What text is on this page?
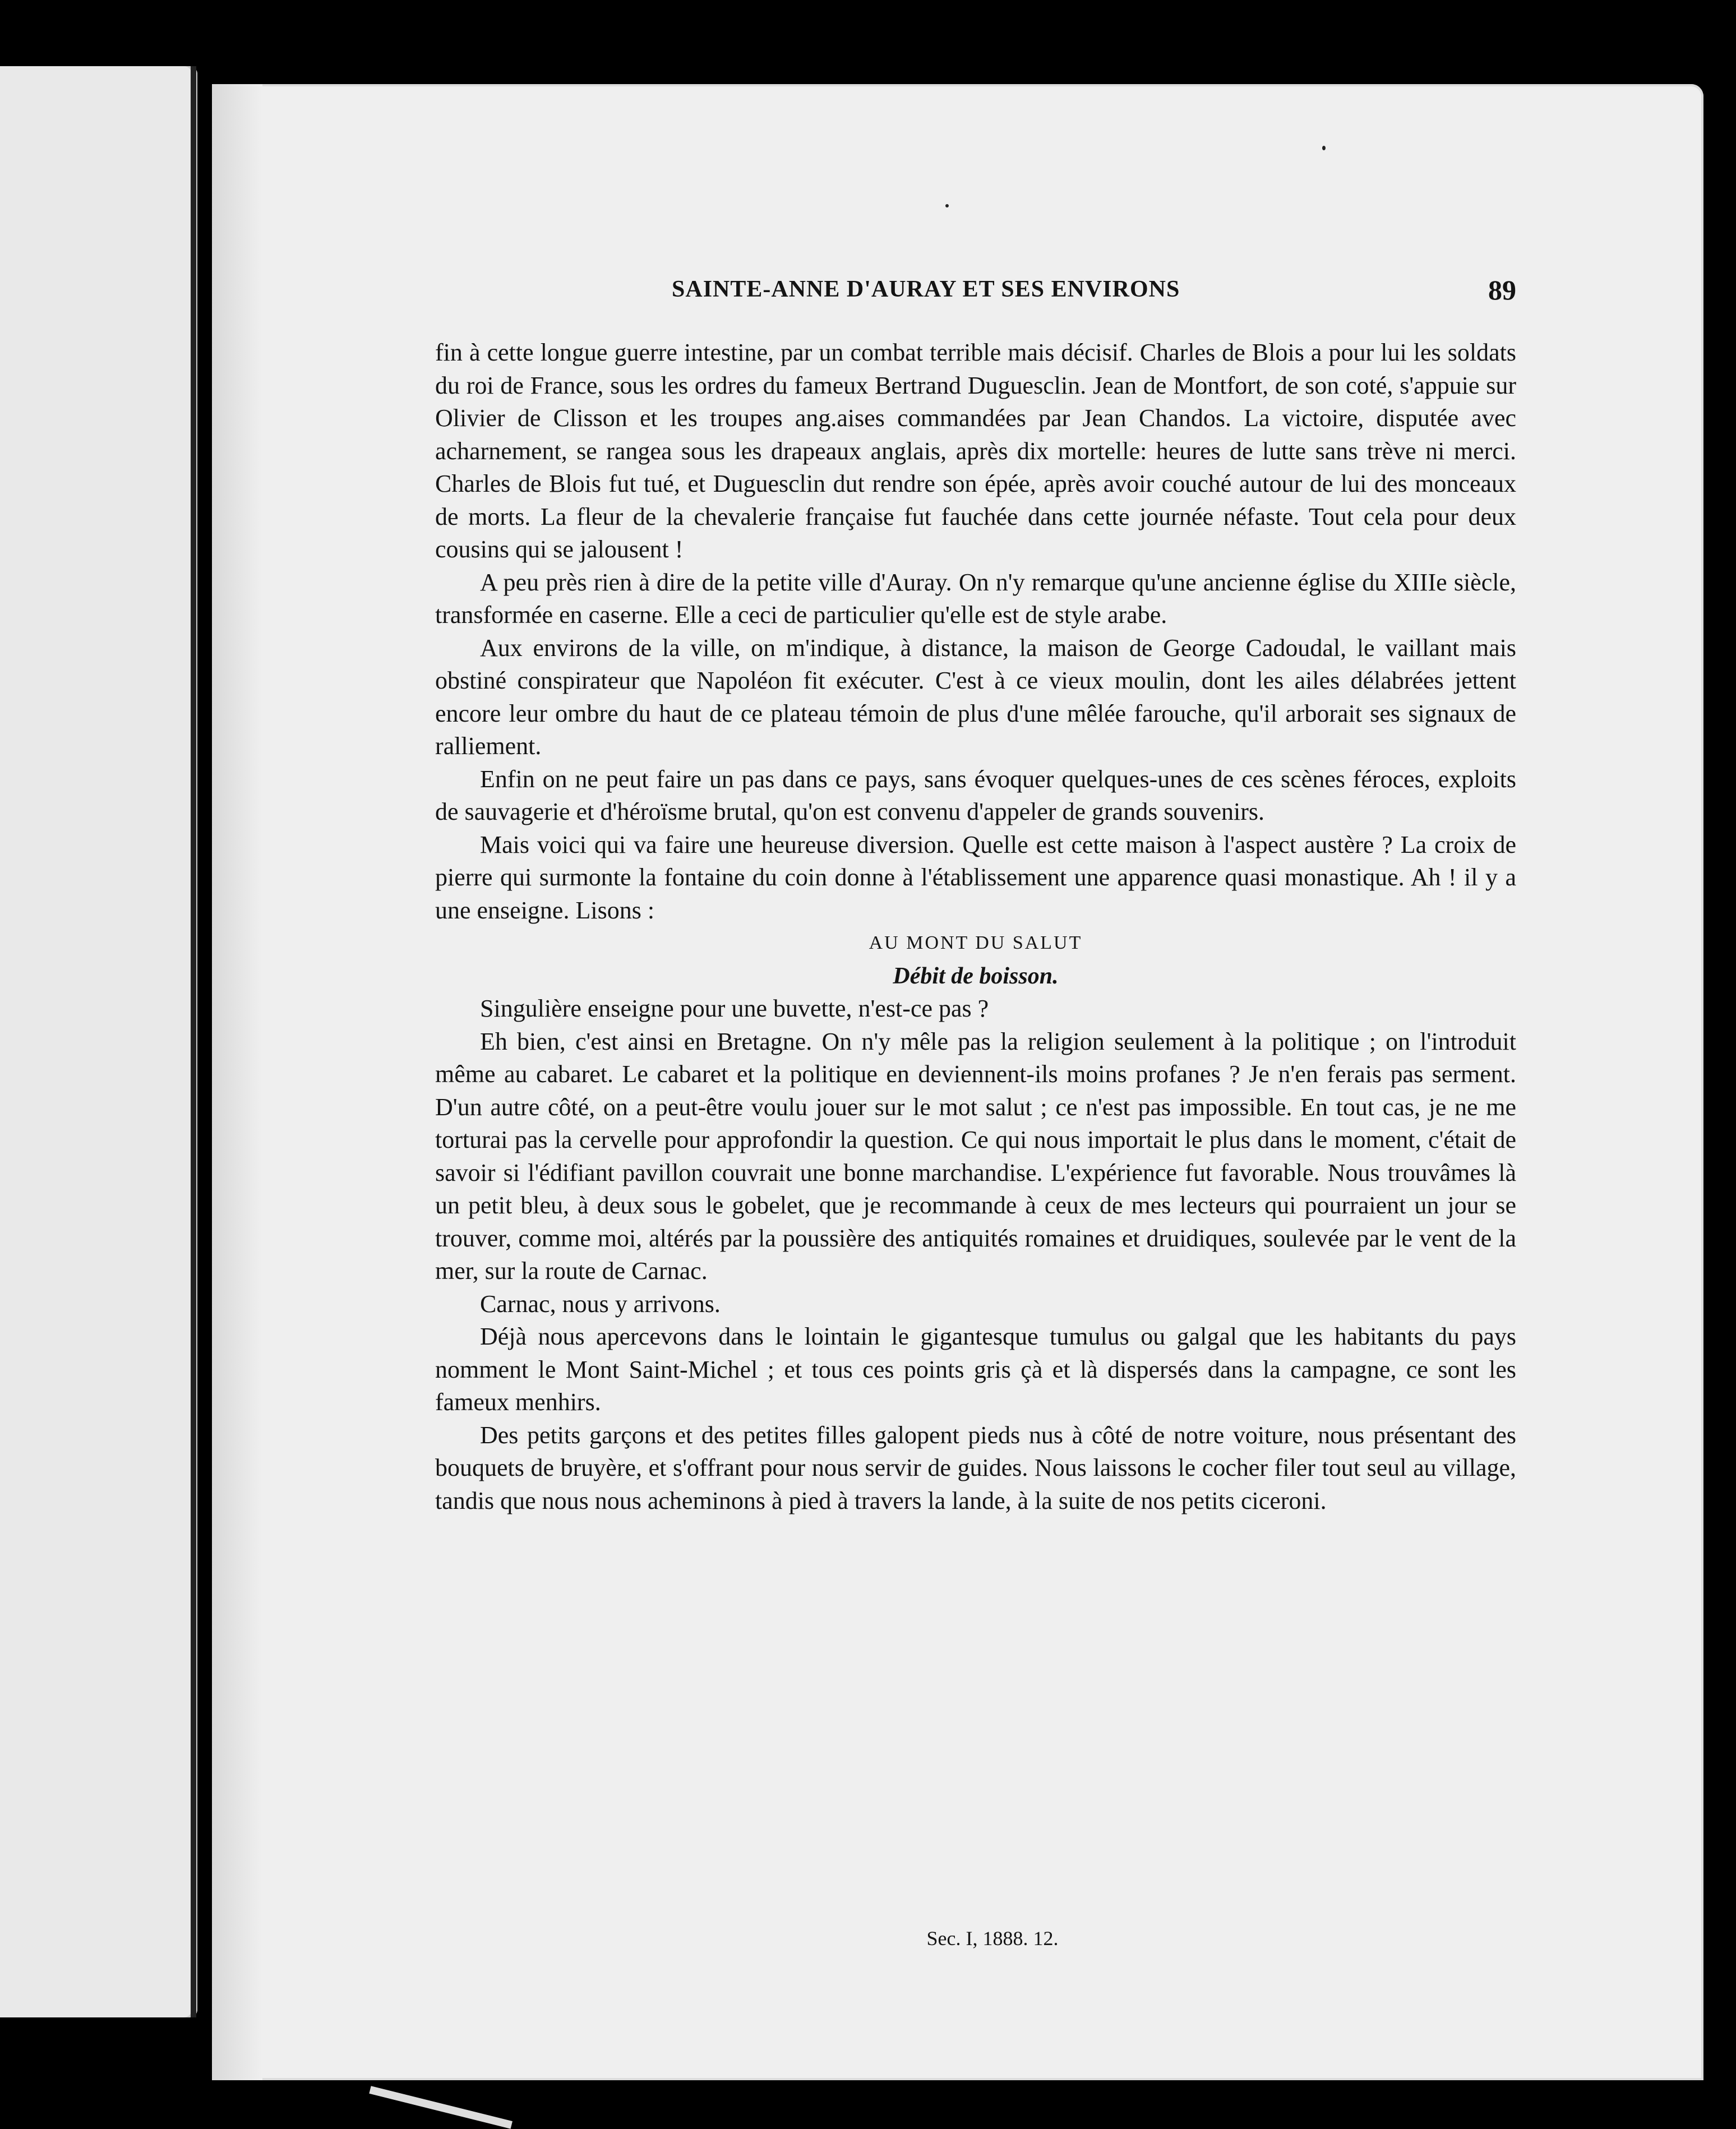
SAINTE-ANNE D'AURAY ET SES ENVIRONS	89

fin à cette longue guerre intestine, par un combat terrible mais décisif. Charles de Blois a pour lui les soldats du roi de France, sous les ordres du fameux Bertrand Duguesclin. Jean de Montfort, de son coté, s'appuie sur Olivier de Clisson et les troupes ang.aises commandées par Jean Chandos. La victoire, disputée avec acharnement, se rangea sous les drapeaux anglais, après dix mortelle: heures de lutte sans trève ni merci. Charles de Blois fut tué, et Duguesclin dut rendre son épée, après avoir couché autour de lui des monceaux de morts. La fleur de la chevalerie française fut fauchée dans cette journée néfaste. Tout cela pour deux cousins qui se jalousent !

A peu près rien à dire de la petite ville d'Auray. On n'y remarque qu'une ancienne église du XIIIe siècle, transformée en caserne. Elle a ceci de particulier qu'elle est de style arabe.

Aux environs de la ville, on m'indique, à distance, la maison de George Cadoudal, le vaillant mais obstiné conspirateur que Napoléon fit exécuter. C'est à ce vieux moulin, dont les ailes délabrées jettent encore leur ombre du haut de ce plateau témoin de plus d'une mêlée farouche, qu'il arborait ses signaux de ralliement.

Enfin on ne peut faire un pas dans ce pays, sans évoquer quelques-unes de ces scènes féroces, exploits de sauvagerie et d'héroïsme brutal, qu'on est convenu d'appeler de grands souvenirs.

Mais voici qui va faire une heureuse diversion. Quelle est cette maison à l'aspect austère ? La croix de pierre qui surmonte la fontaine du coin donne à l'établissement une apparence quasi monastique. Ah ! il y a une enseigne. Lisons :

AU MONT DU SALUT

Débit de boisson.

Singulière enseigne pour une buvette, n'est-ce pas ?

Eh bien, c'est ainsi en Bretagne. On n'y mêle pas la religion seulement à la politique ; on l'introduit même au cabaret. Le cabaret et la politique en deviennent-ils moins profanes ? Je n'en ferais pas serment. D'un autre côté, on a peut-être voulu jouer sur le mot salut ; ce n'est pas impossible. En tout cas, je ne me torturai pas la cervelle pour approfondir la question. Ce qui nous importait le plus dans le moment, c'était de savoir si l'édifiant pavillon couvrait une bonne marchandise. L'expérience fut favorable. Nous trouvâmes là un petit bleu, à deux sous le gobelet, que je recommande à ceux de mes lecteurs qui pourraient un jour se trouver, comme moi, altérés par la poussière des antiquités romaines et druidiques, soulevée par le vent de la mer, sur la route de Carnac.

Carnac, nous y arrivons.

Déjà nous apercevons dans le lointain le gigantesque tumulus ou galgal que les habitants du pays nomment le Mont Saint-Michel ; et tous ces points gris çà et là dispersés dans la campagne, ce sont les fameux menhirs.

Des petits garçons et des petites filles galopent pieds nus à côté de notre voiture, nous présentant des bouquets de bruyère, et s'offrant pour nous servir de guides. Nous laissons le cocher filer tout seul au village, tandis que nous nous acheminons à pied à travers la lande, à la suite de nos petits ciceroni.

Sec. I, 1888. 12.
